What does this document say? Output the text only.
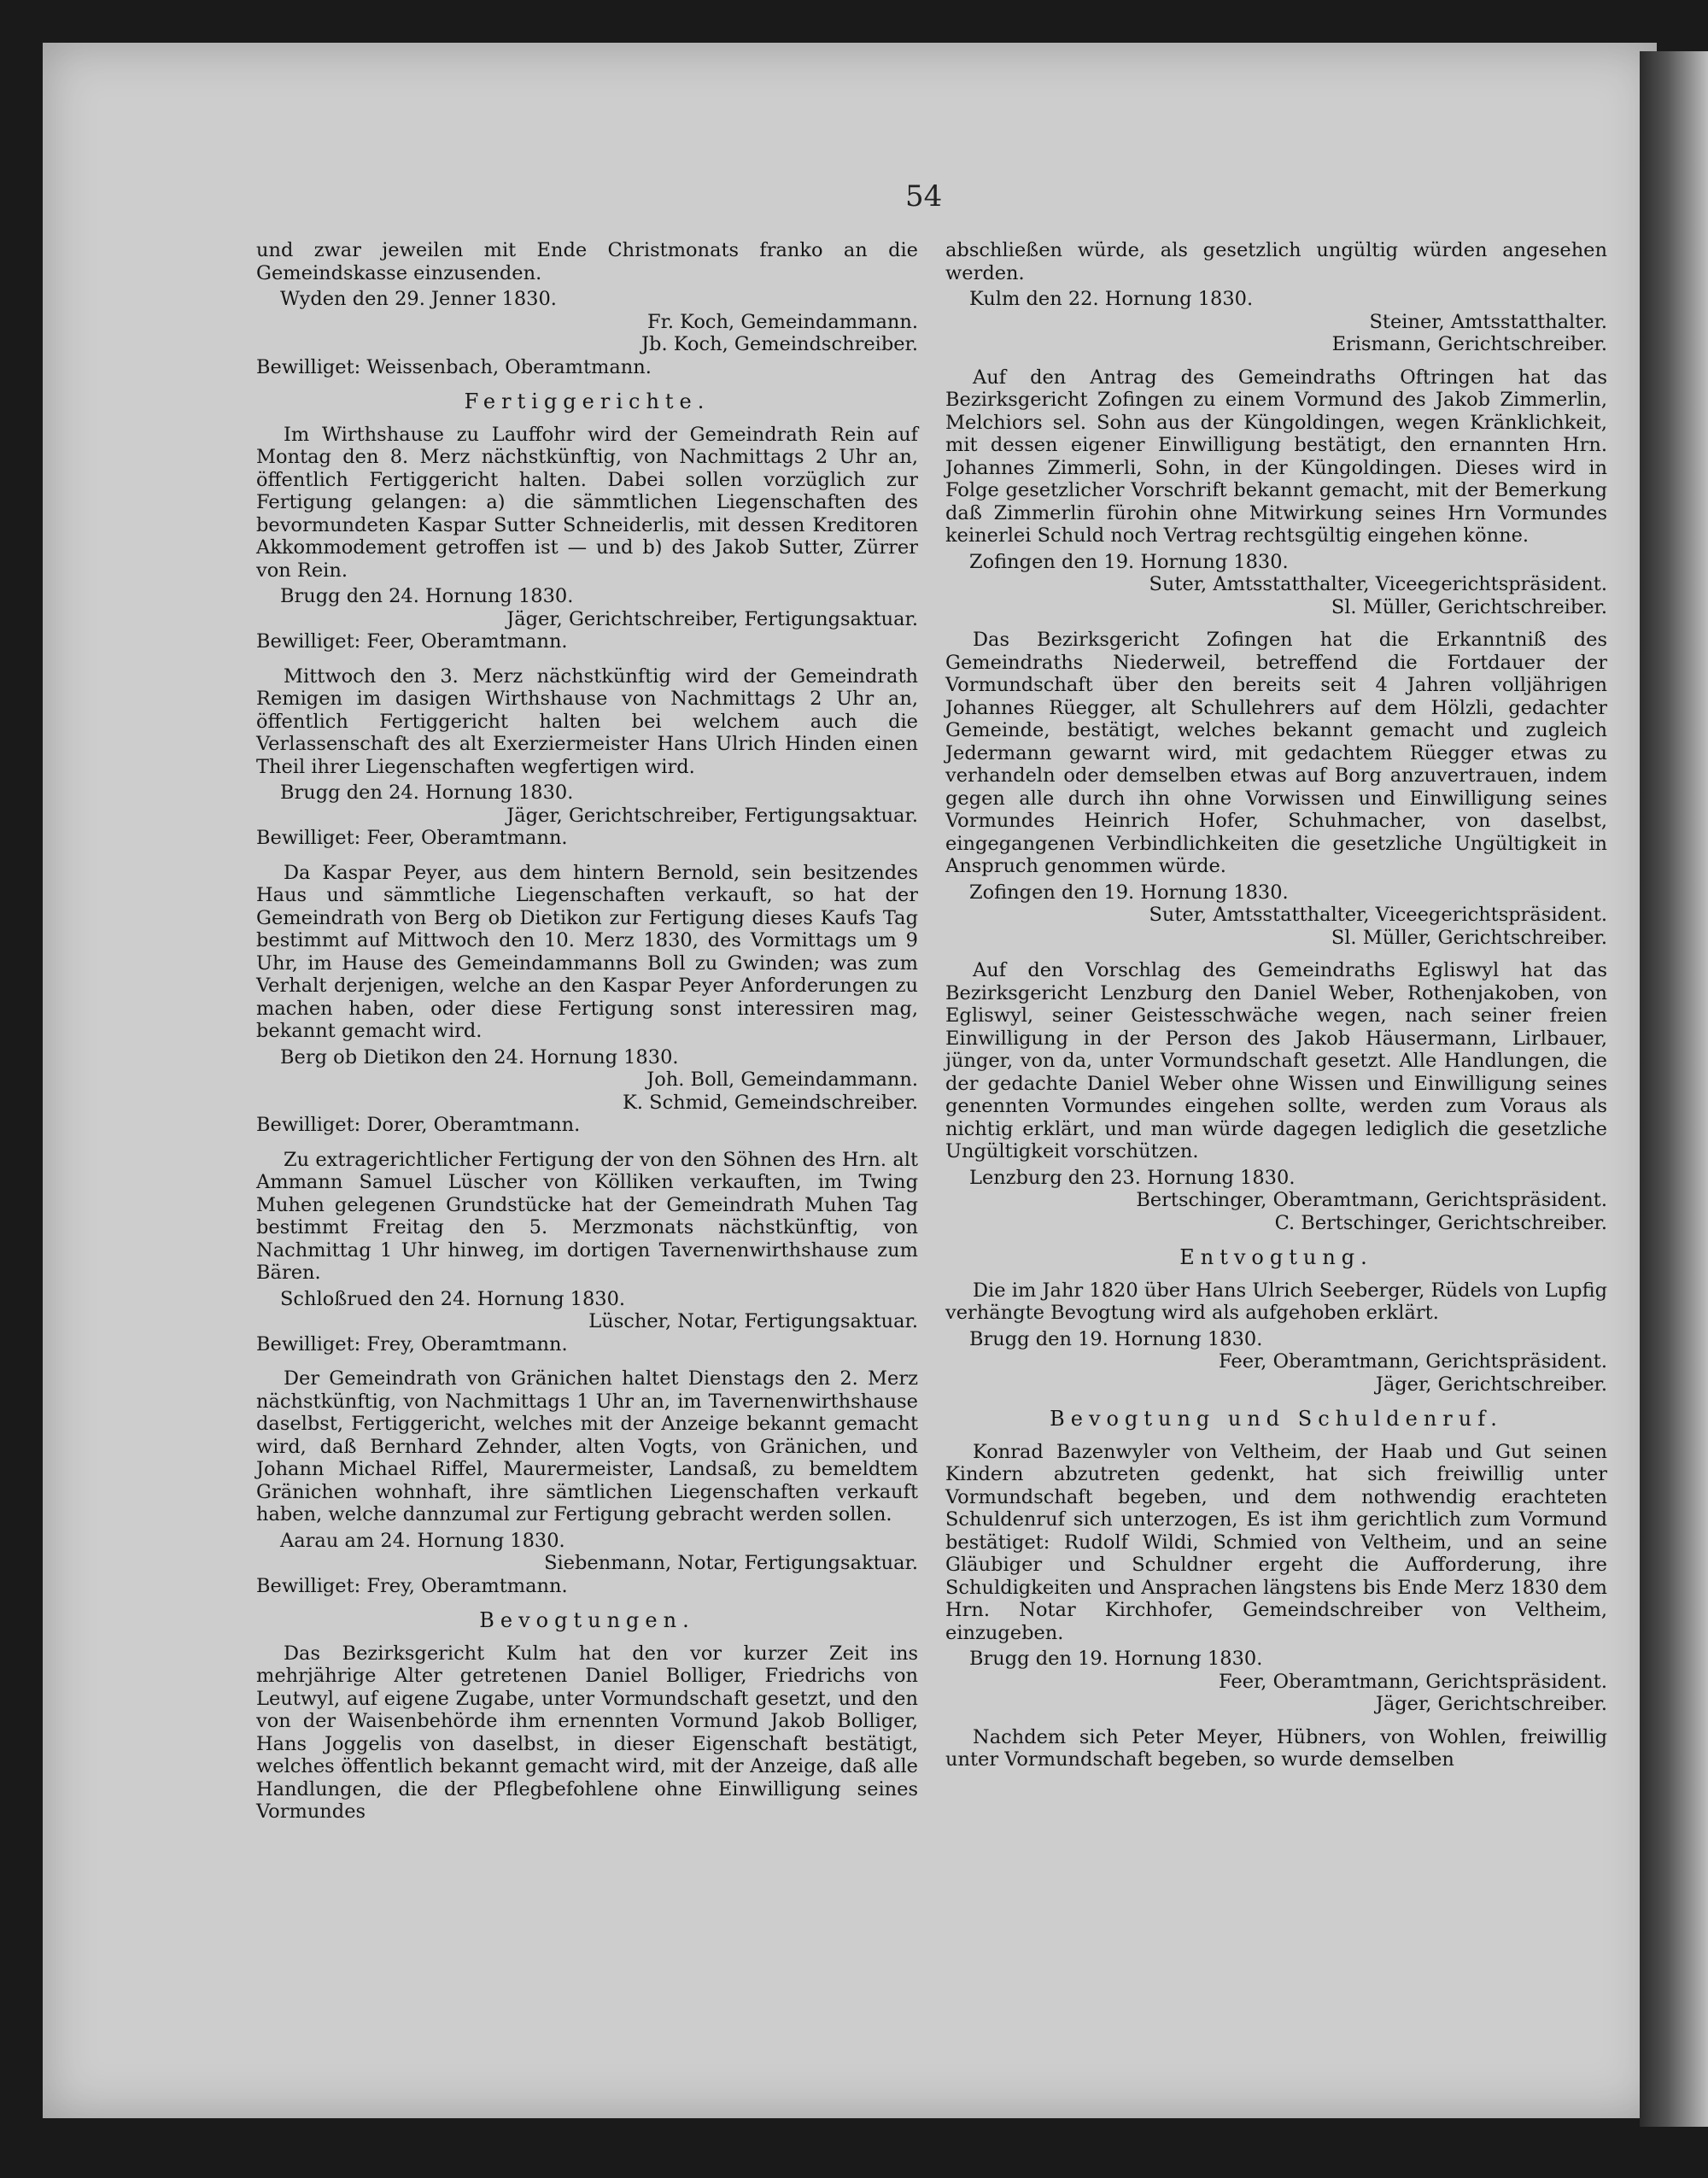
54

und zwar jeweilen mit Ende Christmonats franko an die Gemeindskasse einzusenden.

Wyden den 29. Jenner 1830.

Fr. Koch, Gemeindammann.

Jb. Koch, Gemeindschreiber.

Bewilliget: Weissenbach, Oberamtmann.

Fertiggerichte.

Im Wirthshause zu Lauffohr wird der Gemeindrath Rein auf Montag den 8. Merz nächstkünftig, von Nachmittags 2 Uhr an, öffentlich Fertiggericht halten. Dabei sollen vorzüglich zur Fertigung gelangen: a) die sämmtlichen Liegenschaften des bevormundeten Kaspar Sutter Schneiderlis, mit dessen Kreditoren Akkommodement getroffen ist — und b) des Jakob Sutter, Zürrer von Rein.

Brugg den 24. Hornung 1830.

Jäger, Gerichtschreiber, Fertigungsaktuar.

Bewilliget: Feer, Oberamtmann.

Mittwoch den 3. Merz nächstkünftig wird der Gemeindrath Remigen im dasigen Wirthshause von Nachmittags 2 Uhr an, öffentlich Fertiggericht halten bei welchem auch die Verlassenschaft des alt Exerziermeister Hans Ulrich Hinden einen Theil ihrer Liegenschaften wegfertigen wird.

Brugg den 24. Hornung 1830.

Jäger, Gerichtschreiber, Fertigungsaktuar.

Bewilliget: Feer, Oberamtmann.

Da Kaspar Peyer, aus dem hintern Bernold, sein besitzendes Haus und sämmtliche Liegenschaften verkauft, so hat der Gemeindrath von Berg ob Dietikon zur Fertigung dieses Kaufs Tag bestimmt auf Mittwoch den 10. Merz 1830, des Vormittags um 9 Uhr, im Hause des Gemeindammanns Boll zu Gwinden; was zum Verhalt derjenigen, welche an den Kaspar Peyer Anforderungen zu machen haben, oder diese Fertigung sonst interessiren mag, bekannt gemacht wird.

Berg ob Dietikon den 24. Hornung 1830.

Joh. Boll, Gemeindammann.

K. Schmid, Gemeindschreiber.

Bewilliget: Dorer, Oberamtmann.

Zu extragerichtlicher Fertigung der von den Söhnen des Hrn. alt Ammann Samuel Lüscher von Kölliken verkauften, im Twing Muhen gelegenen Grundstücke hat der Gemeindrath Muhen Tag bestimmt Freitag den 5. Merzmonats nächstkünftig, von Nachmittag 1 Uhr hinweg, im dortigen Tavernenwirthshause zum Bären.

Schloßrued den 24. Hornung 1830.

Lüscher, Notar, Fertigungsaktuar.

Bewilliget: Frey, Oberamtmann.

Der Gemeindrath von Gränichen haltet Dienstags den 2. Merz nächstkünftig, von Nachmittags 1 Uhr an, im Tavernenwirthshause daselbst, Fertiggericht, welches mit der Anzeige bekannt gemacht wird, daß Bernhard Zehnder, alten Vogts, von Gränichen, und Johann Michael Riffel, Maurermeister, Landsaß, zu bemeldtem Gränichen wohnhaft, ihre sämtlichen Liegenschaften verkauft haben, welche dannzumal zur Fertigung gebracht werden sollen.

Aarau am 24. Hornung 1830.

Siebenmann, Notar, Fertigungsaktuar.

Bewilliget: Frey, Oberamtmann.

Bevogtungen.

Das Bezirksgericht Kulm hat den vor kurzer Zeit ins mehrjährige Alter getretenen Daniel Bolliger, Friedrichs von Leutwyl, auf eigene Zugabe, unter Vormundschaft gesetzt, und den von der Waisenbehörde ihm ernennten Vormund Jakob Bolliger, Hans Joggelis von daselbst, in dieser Eigenschaft bestätigt, welches öffentlich bekannt gemacht wird, mit der Anzeige, daß alle Handlungen, die der Pflegbefohlene ohne Einwilligung seines Vormundes

abschließen würde, als gesetzlich ungültig würden angesehen werden.

Kulm den 22. Hornung 1830.

Steiner, Amtsstatthalter.

Erismann, Gerichtschreiber.

Auf den Antrag des Gemeindraths Oftringen hat das Bezirksgericht Zofingen zu einem Vormund des Jakob Zimmerlin, Melchiors sel. Sohn aus der Küngoldingen, wegen Kränklichkeit, mit dessen eigener Einwilligung bestätigt, den ernannten Hrn. Johannes Zimmerli, Sohn, in der Küngoldingen. Dieses wird in Folge gesetzlicher Vorschrift bekannt gemacht, mit der Bemerkung daß Zimmerlin fürohin ohne Mitwirkung seines Hrn Vormundes keinerlei Schuld noch Vertrag rechtsgültig eingehen könne.

Zofingen den 19. Hornung 1830.

Suter, Amtsstatthalter, Viceegerichtspräsident.

Sl. Müller, Gerichtschreiber.

Das Bezirksgericht Zofingen hat die Erkanntniß des Gemeindraths Niederweil, betreffend die Fortdauer der Vormundschaft über den bereits seit 4 Jahren volljährigen Johannes Rüegger, alt Schullehrers auf dem Hölzli, gedachter Gemeinde, bestätigt, welches bekannt gemacht und zugleich Jedermann gewarnt wird, mit gedachtem Rüegger etwas zu verhandeln oder demselben etwas auf Borg anzuvertrauen, indem gegen alle durch ihn ohne Vorwissen und Einwilligung seines Vormundes Heinrich Hofer, Schuhmacher, von daselbst, eingegangenen Verbindlichkeiten die gesetzliche Ungültigkeit in Anspruch genommen würde.

Zofingen den 19. Hornung 1830.

Suter, Amtsstatthalter, Viceegerichtspräsident.

Sl. Müller, Gerichtschreiber.

Auf den Vorschlag des Gemeindraths Egliswyl hat das Bezirksgericht Lenzburg den Daniel Weber, Rothenjakoben, von Egliswyl, seiner Geistesschwäche wegen, nach seiner freien Einwilligung in der Person des Jakob Häusermann, Lirlbauer, jünger, von da, unter Vormundschaft gesetzt. Alle Handlungen, die der gedachte Daniel Weber ohne Wissen und Einwilligung seines genennten Vormundes eingehen sollte, werden zum Voraus als nichtig erklärt, und man würde dagegen lediglich die gesetzliche Ungültigkeit vorschützen.

Lenzburg den 23. Hornung 1830.

Bertschinger, Oberamtmann, Gerichtspräsident.

C. Bertschinger, Gerichtschreiber.

Entvogtung.

Die im Jahr 1820 über Hans Ulrich Seeberger, Rüdels von Lupfig verhängte Bevogtung wird als aufgehoben erklärt.

Brugg den 19. Hornung 1830.

Feer, Oberamtmann, Gerichtspräsident.

Jäger, Gerichtschreiber.

Bevogtung und Schuldenruf.

Konrad Bazenwyler von Veltheim, der Haab und Gut seinen Kindern abzutreten gedenkt, hat sich freiwillig unter Vormundschaft begeben, und dem nothwendig erachteten Schuldenruf sich unterzogen, Es ist ihm gerichtlich zum Vormund bestätiget: Rudolf Wildi, Schmied von Veltheim, und an seine Gläubiger und Schuldner ergeht die Aufforderung, ihre Schuldigkeiten und Ansprachen längstens bis Ende Merz 1830 dem Hrn. Notar Kirchhofer, Gemeindschreiber von Veltheim, einzugeben.

Brugg den 19. Hornung 1830.

Feer, Oberamtmann, Gerichtspräsident.

Jäger, Gerichtschreiber.

Nachdem sich Peter Meyer, Hübners, von Wohlen, freiwillig unter Vormundschaft begeben, so wurde demselben
